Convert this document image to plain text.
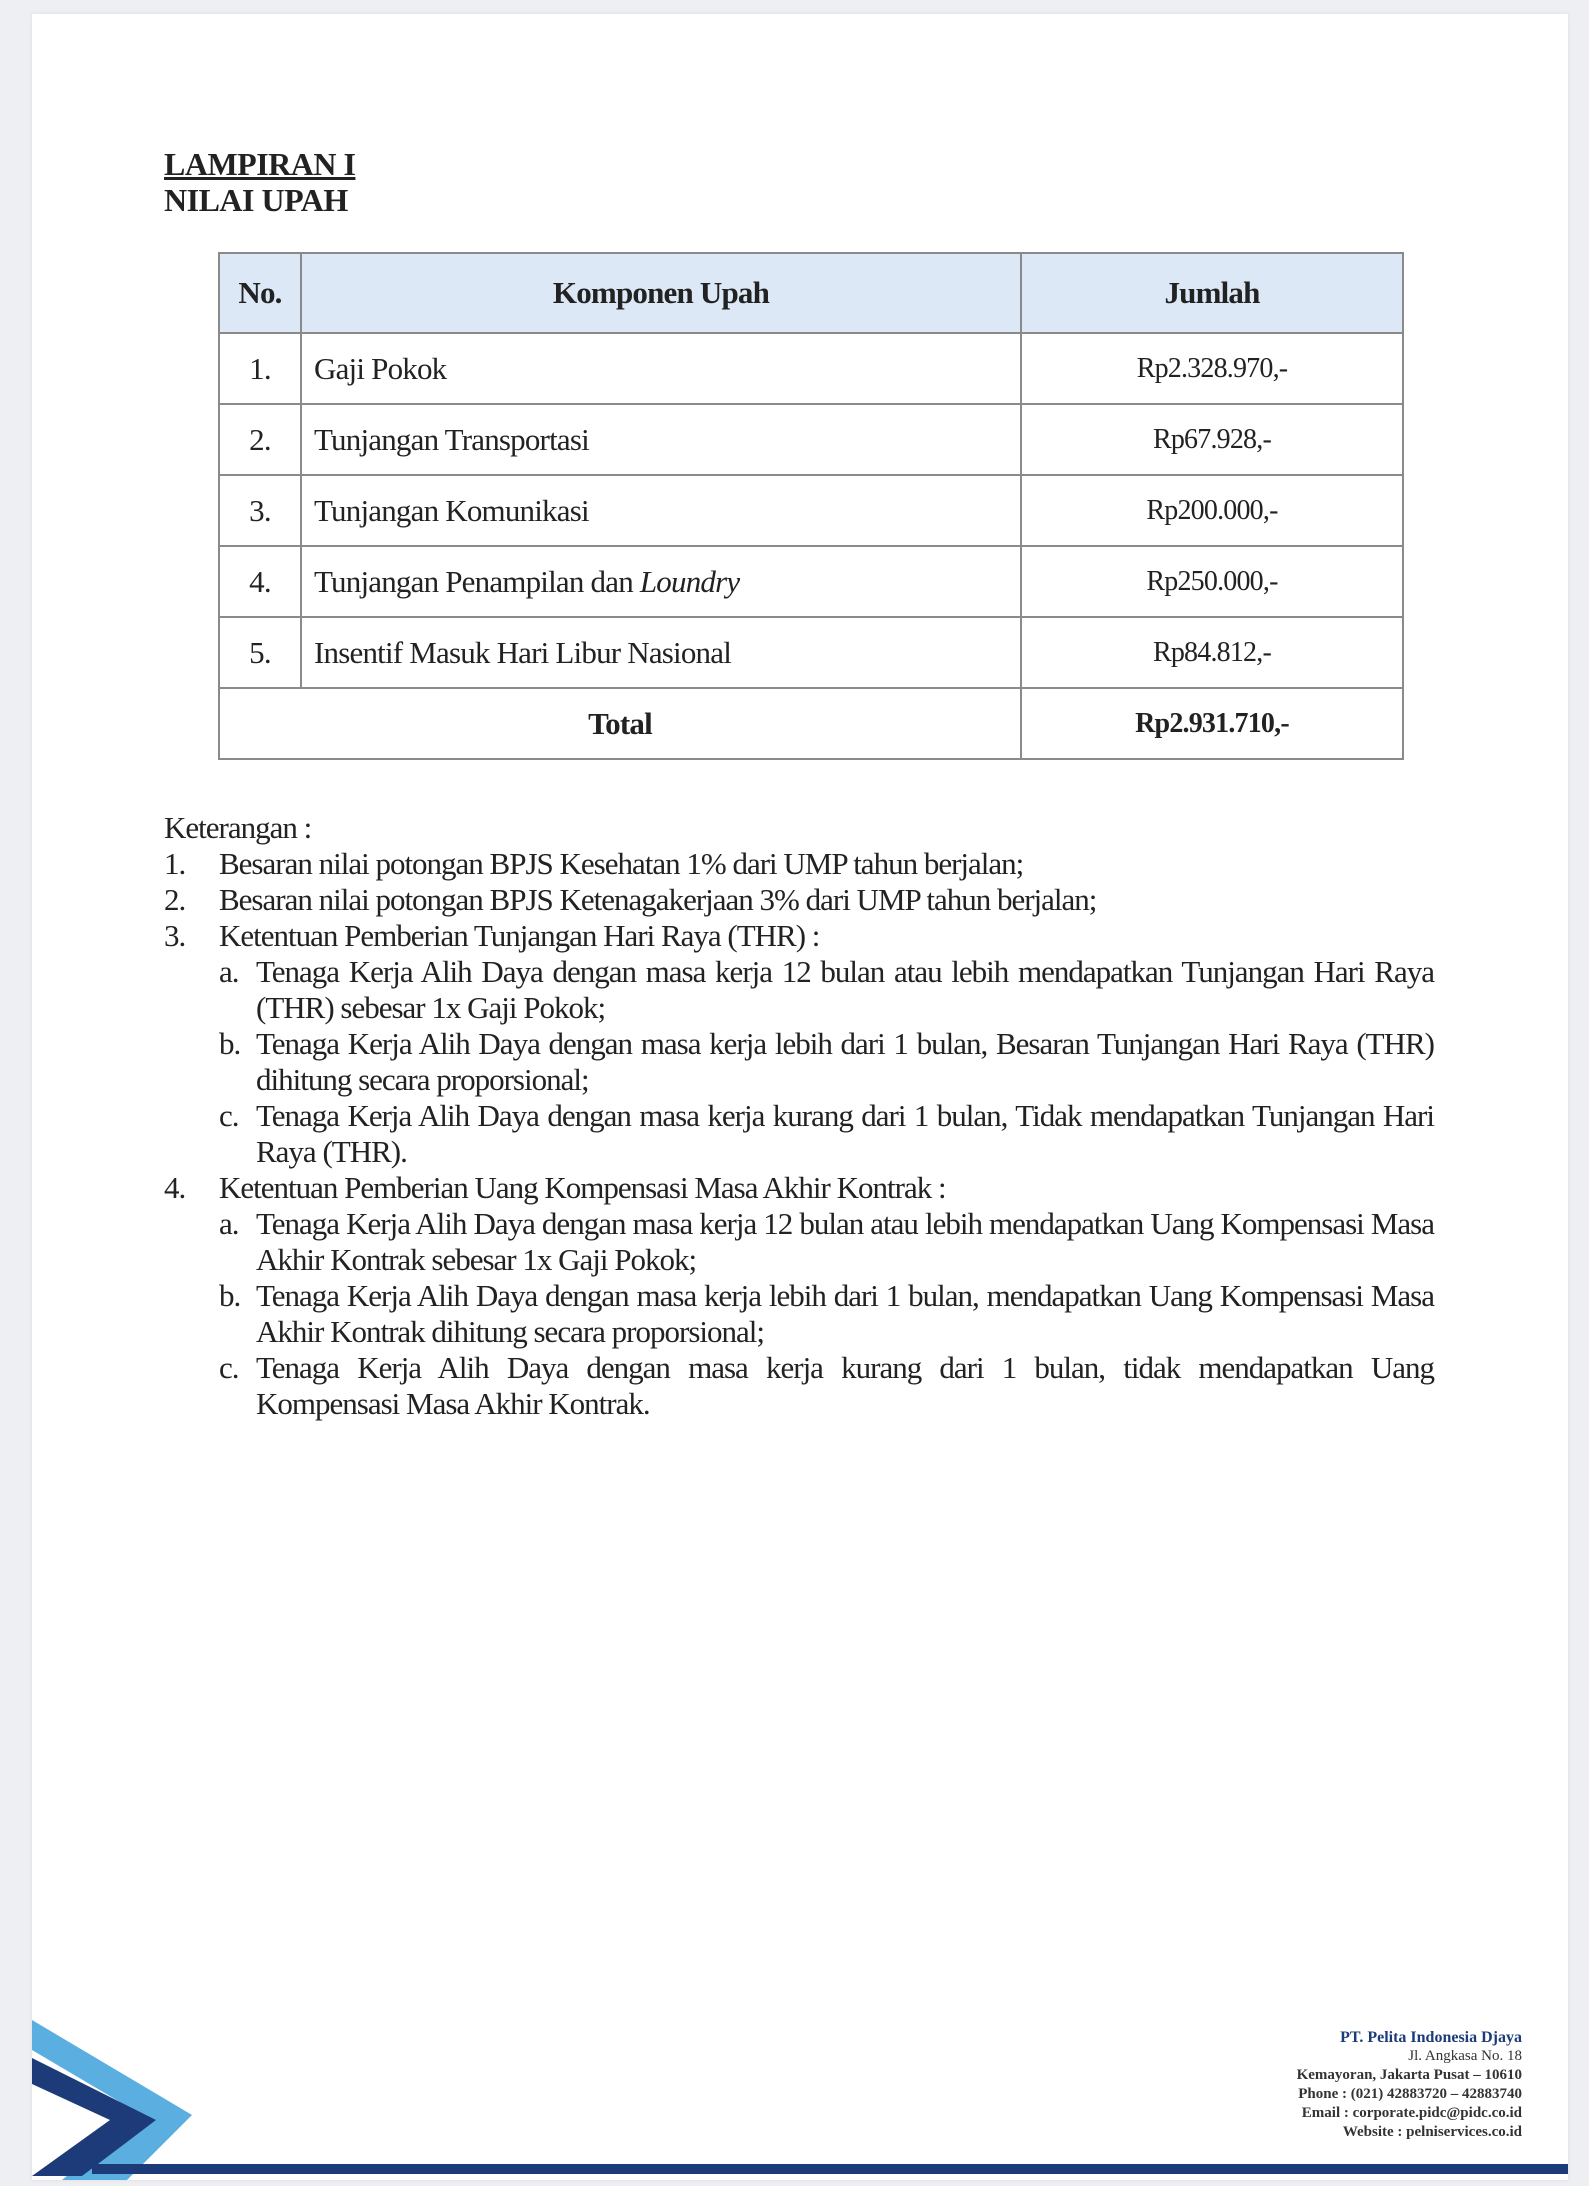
LAMPIRAN I
NILAI UPAH
No.	Komponen Upah	Jumlah
1.	Gaji Pokok	Rp2.328.970,-
2.	Tunjangan Transportasi	Rp67.928,-
3.	Tunjangan Komunikasi	Rp200.000,-
4.	Tunjangan Penampilan dan Loundry	Rp250.000,-
5.	Insentif Masuk Hari Libur Nasional	Rp84.812,-
Total		Rp2.931.710,-

Keterangan :

1. Besaran nilai potongan BPJS Kesehatan 1% dari UMP tahun berjalan;
2. Besaran nilai potongan BPJS Ketenagakerjaan 3% dari UMP tahun berjalan;
3. Ketentuan Pemberian Tunjangan Hari Raya (THR) :
a. Tenaga Kerja Alih Daya dengan masa kerja 12 bulan atau lebih mendapatkan Tunjangan Hari Raya (THR) sebesar 1x Gaji Pokok;
b. Tenaga Kerja Alih Daya dengan masa kerja lebih dari 1 bulan, Besaran Tunjangan Hari Raya (THR) dihitung secara proporsional;
c. Tenaga Kerja Alih Daya dengan masa kerja kurang dari 1 bulan, Tidak mendapatkan Tunjangan Hari Raya (THR).
4. Ketentuan Pemberian Uang Kompensasi Masa Akhir Kontrak :
a. Tenaga Kerja Alih Daya dengan masa kerja 12 bulan atau lebih mendapatkan Uang Kompensasi Masa Akhir Kontrak sebesar 1x Gaji Pokok;
b. Tenaga Kerja Alih Daya dengan masa kerja lebih dari 1 bulan, mendapatkan Uang Kompensasi Masa Akhir Kontrak dihitung secara proporsional;
c. Tenaga Kerja Alih Daya dengan masa kerja kurang dari 1 bulan, tidak mendapatkan Uang Kompensasi Masa Akhir Kontrak.
PT. Pelita Indonesia Djaya
Jl. Angkasa No. 18
Kemayoran, Jakarta Pusat – 10610
Phone : (021) 42883720 – 42883740
Email : corporate.pidc@pidc.co.id
Website : pelniservices.co.id
